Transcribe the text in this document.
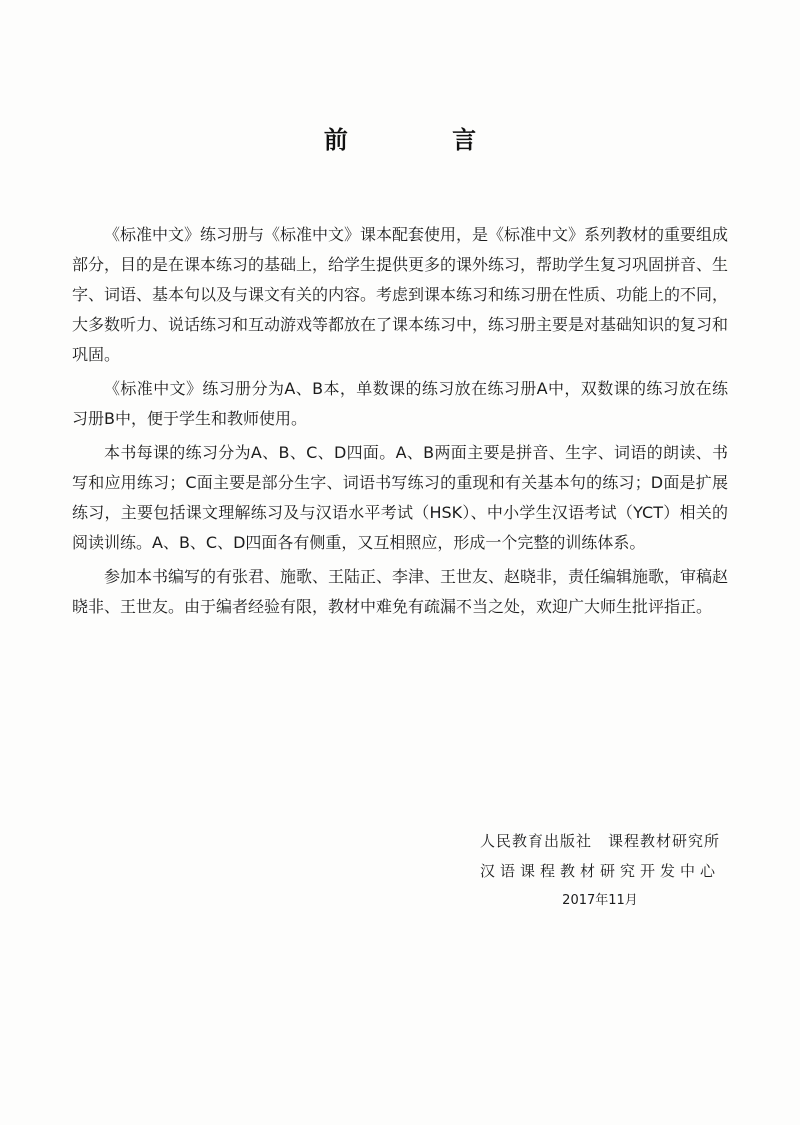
前 言

《标准中文》练习册与《标准中文》课本配套使用，是《标准中文》系列教材的重要组成部分，目的是在课本练习的基础上，给学生提供更多的课外练习，帮助学生复习巩固拼音、生字、词语、基本句以及与课文有关的内容。考虑到课本练习和练习册在性质、功能上的不同，大多数听力、说话练习和互动游戏等都放在了课本练习中，练习册主要是对基础知识的复习和巩固。

《标准中文》练习册分为A、B本，单数课的练习放在练习册A中，双数课的练习放在练习册B中，便于学生和教师使用。

本书每课的练习分为A、B、C、D四面。A、B两面主要是拼音、生字、词语的朗读、书写和应用练习；C面主要是部分生字、词语书写练习的重现和有关基本句的练习；D面是扩展练习，主要包括课文理解练习及与汉语水平考试（HSK）、中小学生汉语考试（YCT）相关的阅读训练。A、B、C、D四面各有侧重，又互相照应，形成一个完整的训练体系。

参加本书编写的有张君、施歌、王陆正、李津、王世友、赵晓非，责任编辑施歌，审稿赵晓非、王世友。由于编者经验有限，教材中难免有疏漏不当之处，欢迎广大师生批评指正。

人民教育出版社　课程教材研究所
汉语课程教材研究开发中心
2017年11月
